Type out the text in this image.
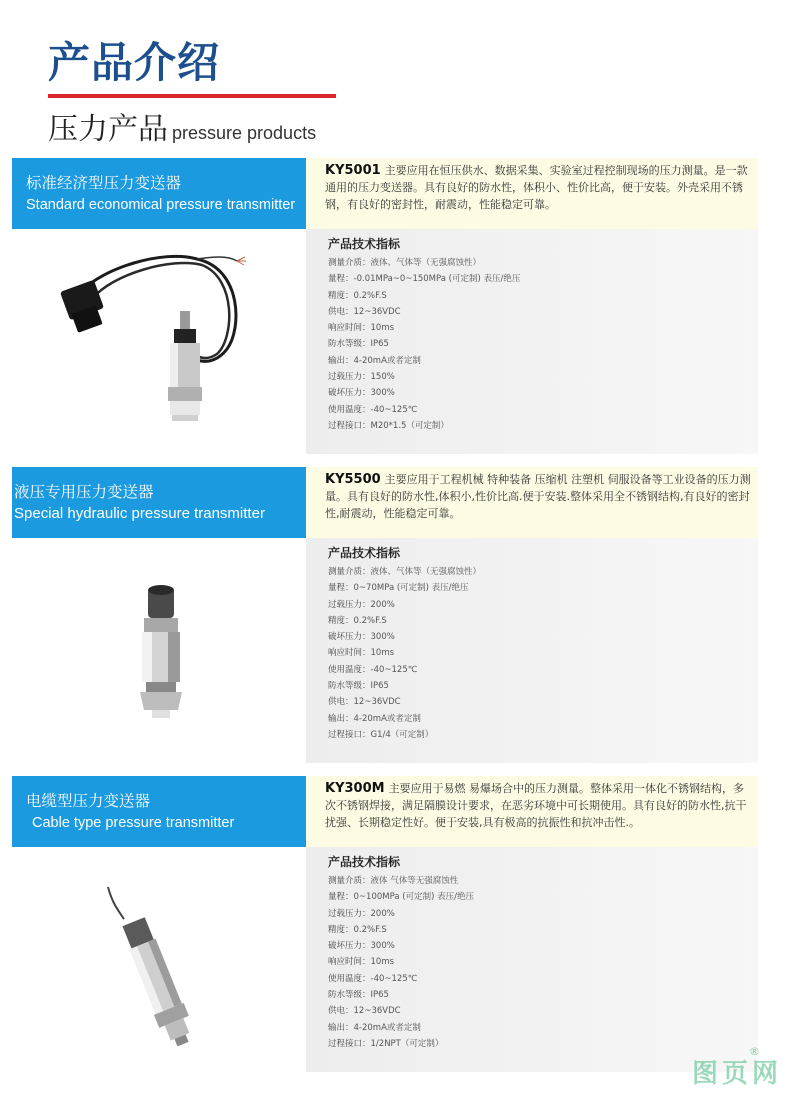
产品介绍
压力产品 pressure products
标准经济型压力变送器
Standard economical pressure transmitter
KY5001 主要应用在恒压供水、数据采集、实验室过程控制现场的压力测量。是一款通用的压力变送器。具有良好的防水性，体积小、性价比高，便于安装。外壳采用不锈钢，有良好的密封性，耐震动，性能稳定可靠。
产品技术指标
测量介质：液体、气体等（无强腐蚀性）
量程：-0.01MPa~0~150MPa (可定制) 表压/绝压
精度：0.2%F.S
供电：12~36VDC
响应时间：10ms
防水等级：IP65
输出：4-20mA或者定制
过载压力：150%
破坏压力：300%
使用温度：-40~125℃
过程接口：M20*1.5（可定制）
液压专用压力变送器
Special hydraulic pressure transmitter
KY5500 主要应用于工程机械 特种装备 压缩机 注塑机 伺服设备等工业设备的压力测量。具有良好的防水性,体积小,性价比高.便于安装.整体采用全不锈钢结构,有良好的密封性,耐震动，性能稳定可靠。
产品技术指标
测量介质：液体、气体等（无强腐蚀性）
量程：0~70MPa (可定制) 表压/绝压
过载压力：200%
精度：0.2%F.S
破坏压力：300%
响应时间：10ms
使用温度：-40~125℃
防水等级：IP65
供电：12~36VDC
输出：4-20mA或者定制
过程接口：G1/4（可定制）
电缆型压力变送器
Cable type pressure transmitter
KY300M 主要应用于易燃 易爆场合中的压力测量。整体采用一体化不锈钢结构，多次不锈钢焊接，满足隔膜设计要求，在恶劣环境中可长期使用。具有良好的防水性,抗干扰强、长期稳定性好。便于安装,具有极高的抗振性和抗冲击性.。
产品技术指标
测量介质：液体 气体等无强腐蚀性
量程：0~100MPa (可定制) 表压/绝压
过载压力：200%
精度：0.2%F.S
破坏压力：300%
响应时间：10ms
使用温度：-40~125℃
防水等级：IP65
供电：12~36VDC
输出：4-20mA或者定制
过程接口：1/2NPT（可定制）
®
图页网
